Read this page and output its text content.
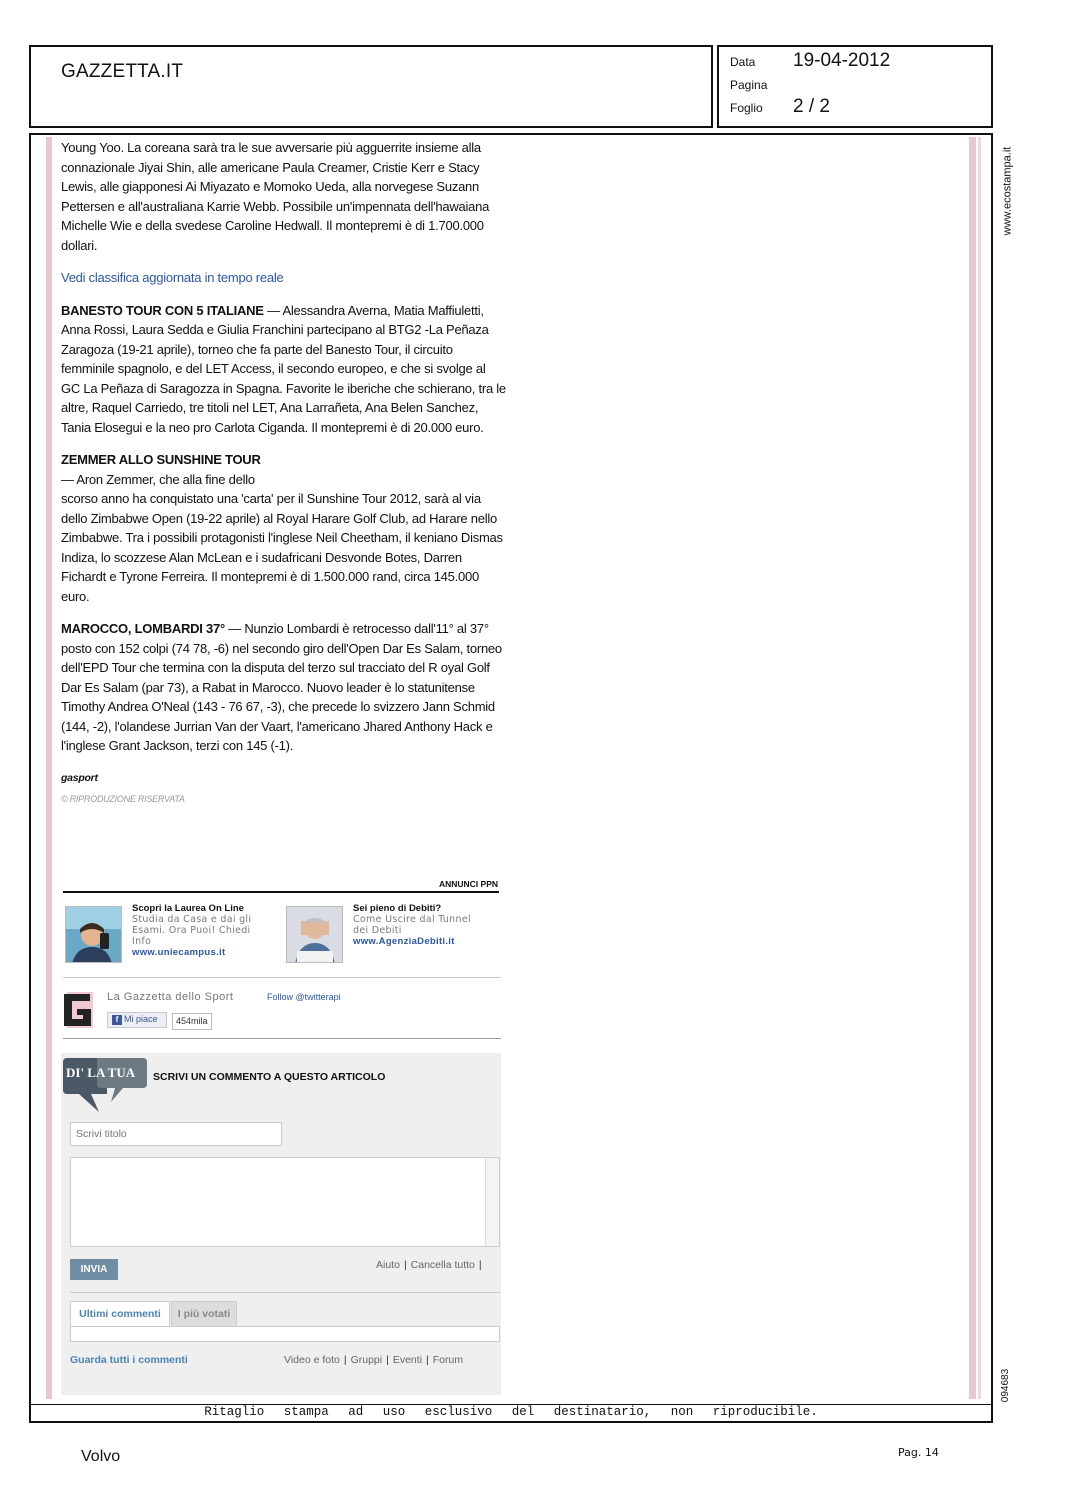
GAZZETTA.IT	Data 19-04-2012
Pagina
Foglio 2 / 2
www.ecostampa.it
094683

Young Yoo. La coreana sarà tra le sue avversarie più agguerrite insieme alla connazionale Jiyai Shin, alle americane Paula Creamer, Cristie Kerr e Stacy Lewis, alle giapponesi Ai Miyazato e Momoko Ueda, alla norvegese Suzann Pettersen e all'australiana Karrie Webb. Possibile un'impennata dell'hawaiana Michelle Wie e della svedese Caroline Hedwall. Il montepremi è di 1.700.000 dollari.

Vedi classifica aggiornata in tempo reale

BANESTO TOUR CON 5 ITALIANE — Alessandra Averna, Matia Maffiuletti, Anna Rossi, Laura Sedda e Giulia Franchini partecipano al BTG2 -La Peñaza Zaragoza (19-21 aprile), torneo che fa parte del Banesto Tour, il circuito femminile spagnolo, e del LET Access, il secondo europeo, e che si svolge al GC La Peñaza di Saragozza in Spagna. Favorite le iberiche che schierano, tra le altre, Raquel Carriedo, tre titoli nel LET, Ana Larrañeta, Ana Belen Sanchez, Tania Elosegui e la neo pro Carlota Ciganda. Il montepremi è di 20.000 euro.

ZEMMER ALLO SUNSHINE TOUR
— Aron Zemmer, che alla fine dello
scorso anno ha conquistato una 'carta' per il Sunshine Tour 2012, sarà al via dello Zimbabwe Open (19-22 aprile) al Royal Harare Golf Club, ad Harare nello Zimbabwe. Tra i possibili protagonisti l'inglese Neil Cheetham, il keniano Dismas Indiza, lo scozzese Alan McLean e i sudafricani Desvonde Botes, Darren Fichardt e Tyrone Ferreira. Il montepremi è di 1.500.000 rand, circa 145.000 euro.

MAROCCO, LOMBARDI 37° — Nunzio Lombardi è retrocesso dall'11° al 37° posto con 152 colpi (74 78, -6) nel secondo giro dell'Open Dar Es Salam, torneo dell'EPD Tour che termina con la disputa del terzo sul tracciato del R oyal Golf Dar Es Salam (par 73), a Rabat in Marocco. Nuovo leader è lo statunitense Timothy Andrea O'Neal (143 - 76 67, -3), che precede lo svizzero Jann Schmid (144, -2), l'olandese Jurrian Van der Vaart, l'americano Jhared Anthony Hack e l'inglese Grant Jackson, terzi con 145 (-1).

gasport

© RIPRODUZIONE RISERVATA
ANNUNCI PPN
Scopri la Laurea On Line
Studia da Casa e dai gli Esami. Ora Puoi! Chiedi Info
www.uniecampus.it
Sei pieno di Debiti?
Come Uscire dal Tunnel dei Debiti
www.AgenziaDebiti.it
La Gazzetta dello Sport
f Mi piace	454mila
Follow @twitterapi
DI' LA TUA SCRIVI UN COMMENTO A QUESTO ARTICOLO
Scrivi titolo
INVIA	Aiuto | Cancella tutto |
Ultimi commenti	I più votati
Guarda tutti i commenti	Video e foto | Gruppi | Eventi | Forum
Ritaglio stampa ad uso esclusivo del destinatario, non riproducibile.
Volvo	Pag. 14
